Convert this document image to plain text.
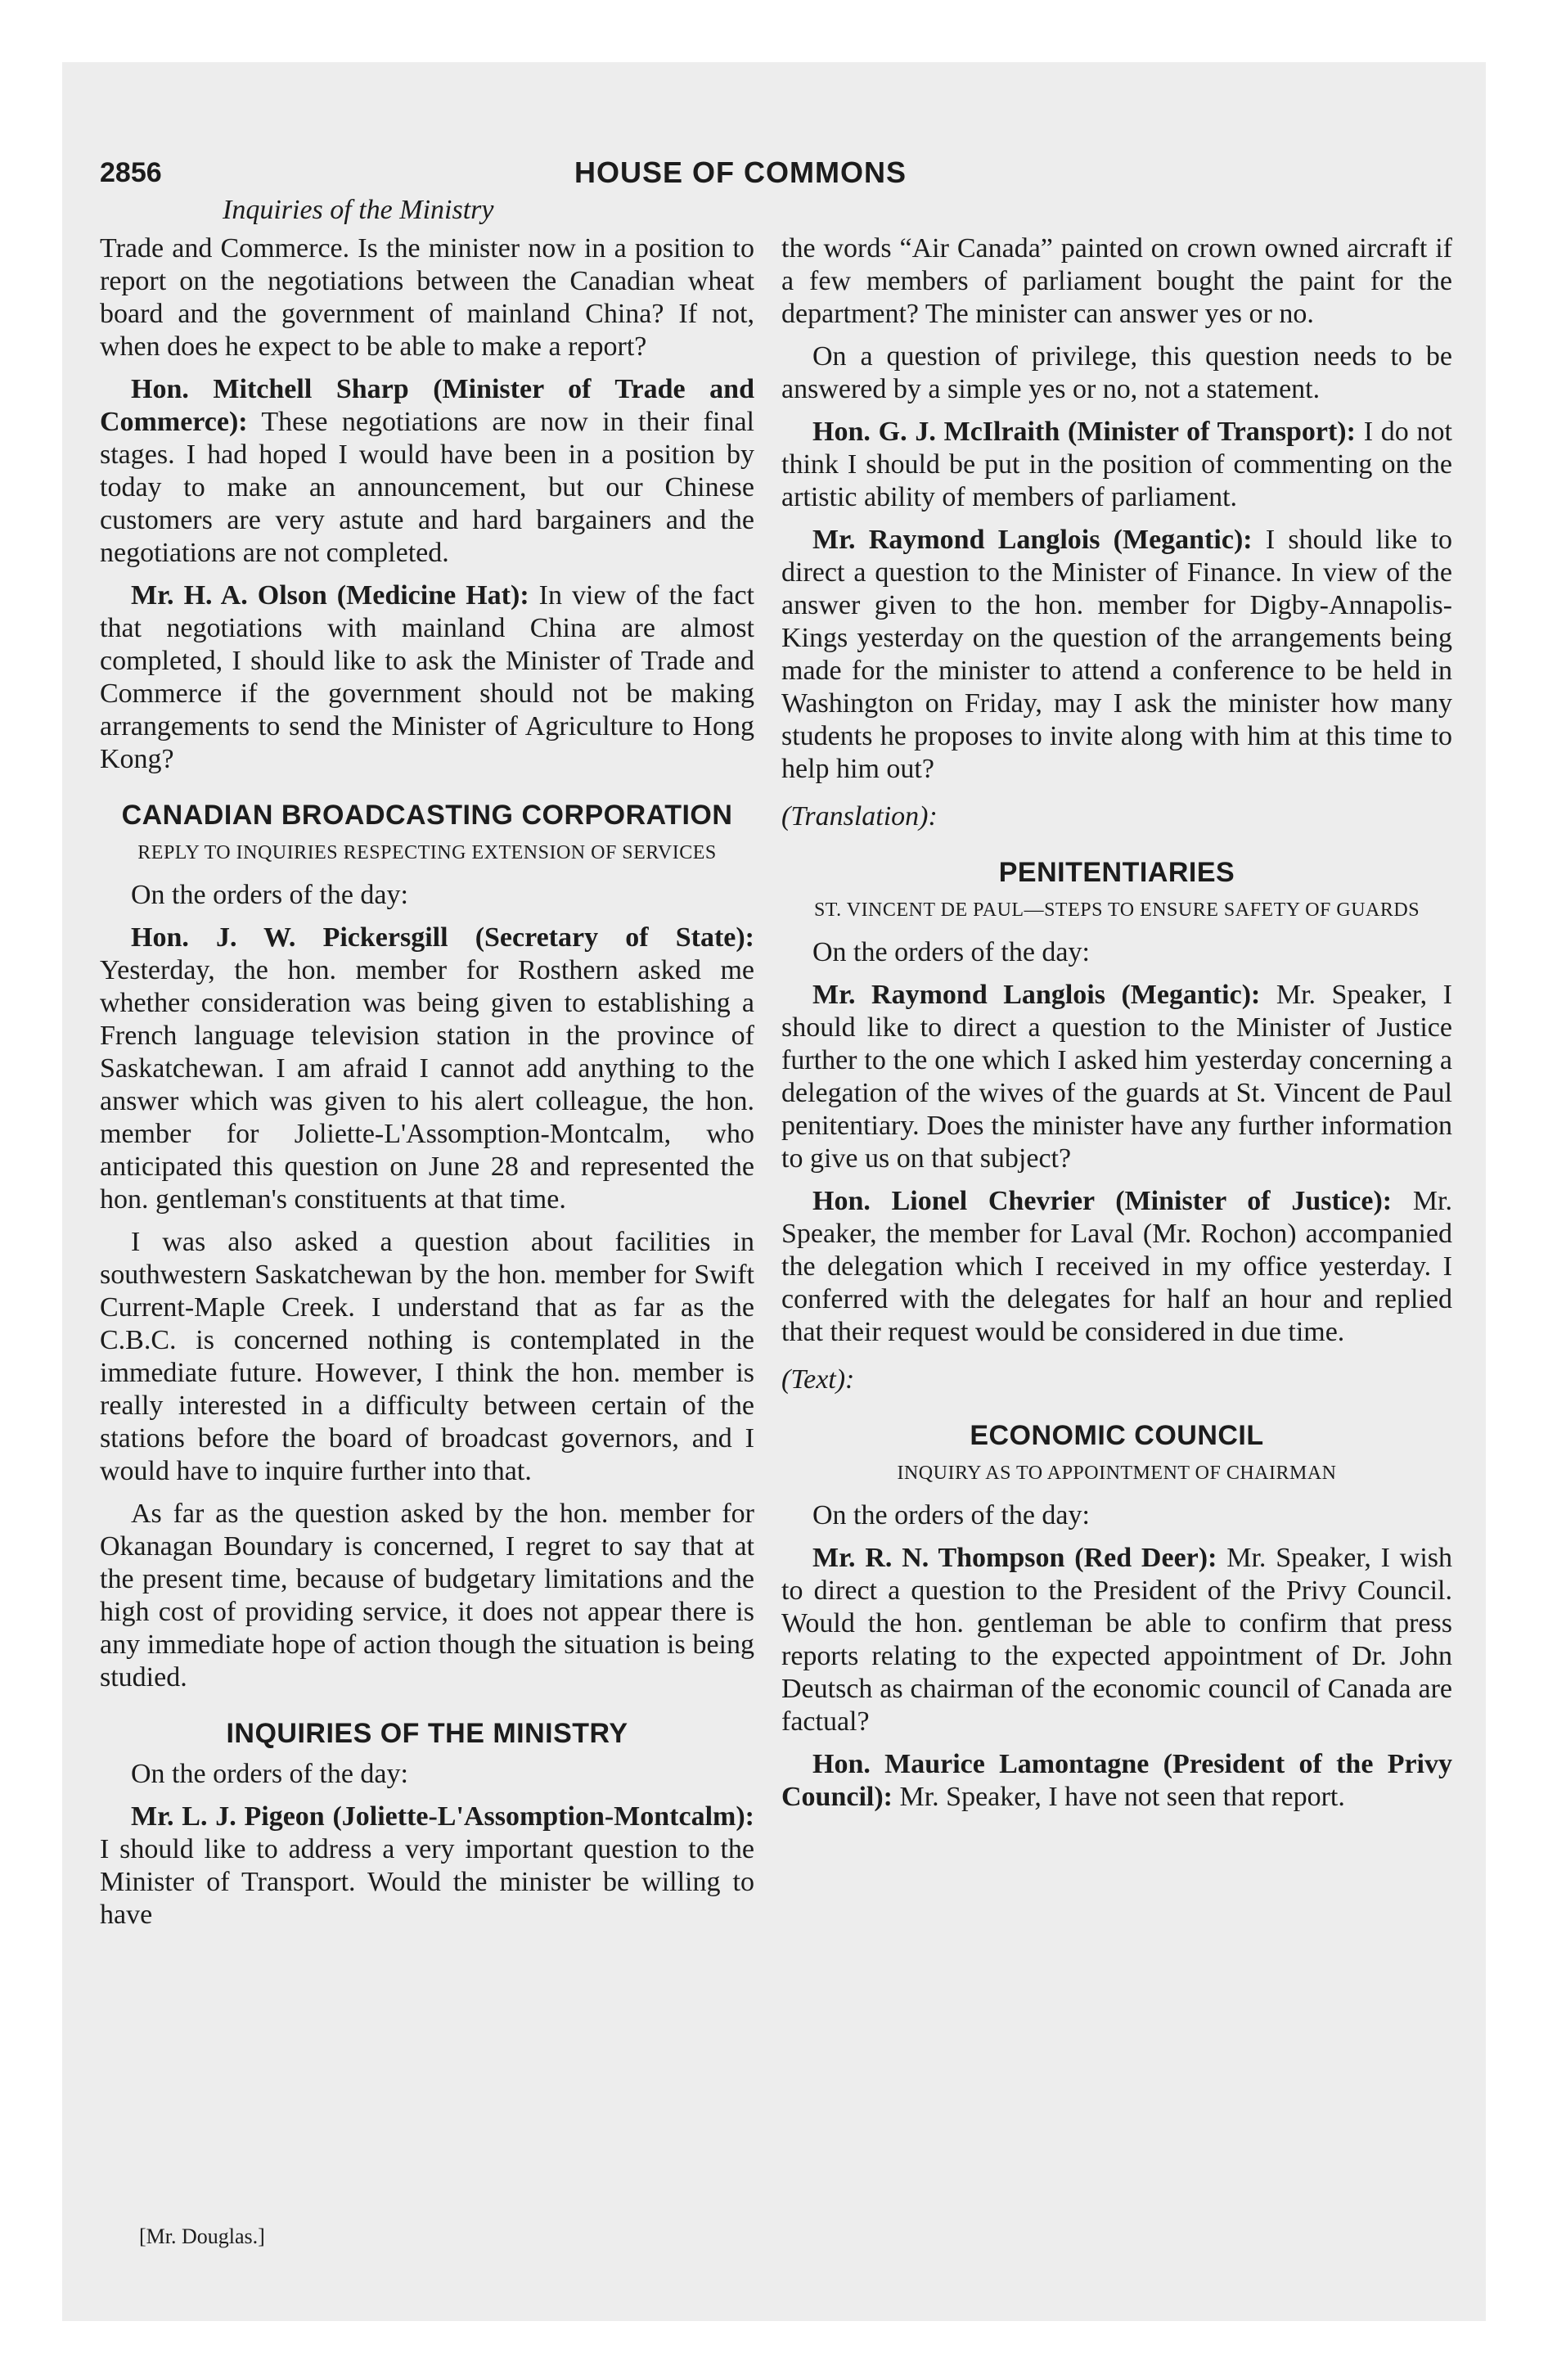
2856	HOUSE OF COMMONS
Inquiries of the Ministry

Trade and Commerce. Is the minister now in a position to report on the negotiations between the Canadian wheat board and the government of mainland China? If not, when does he expect to be able to make a report?

Hon. Mitchell Sharp (Minister of Trade and Commerce): These negotiations are now in their final stages. I had hoped I would have been in a position by today to make an announcement, but our Chinese customers are very astute and hard bargainers and the negotiations are not completed.

Mr. H. A. Olson (Medicine Hat): In view of the fact that negotiations with mainland China are almost completed, I should like to ask the Minister of Trade and Commerce if the government should not be making arrangements to send the Minister of Agriculture to Hong Kong?

CANADIAN BROADCASTING CORPORATION
REPLY TO INQUIRIES RESPECTING EXTENSION OF SERVICES
On the orders of the day:

Hon. J. W. Pickersgill (Secretary of State): Yesterday, the hon. member for Rosthern asked me whether consideration was being given to establishing a French language television station in the province of Saskatchewan. I am afraid I cannot add anything to the answer which was given to his alert colleague, the hon. member for Joliette-L'Assomption-Montcalm, who anticipated this question on June 28 and represented the hon. gentleman's constituents at that time.

I was also asked a question about facilities in southwestern Saskatchewan by the hon. member for Swift Current-Maple Creek. I understand that as far as the C.B.C. is concerned nothing is contemplated in the immediate future. However, I think the hon. member is really interested in a difficulty between certain of the stations before the board of broadcast governors, and I would have to inquire further into that.

As far as the question asked by the hon. member for Okanagan Boundary is concerned, I regret to say that at the present time, because of budgetary limitations and the high cost of providing service, it does not appear there is any immediate hope of action though the situation is being studied.

INQUIRIES OF THE MINISTRY
On the orders of the day:

Mr. L. J. Pigeon (Joliette-L'Assomption-Montcalm): I should like to address a very important question to the Minister of Transport. Would the minister be willing to have

[Mr. Douglas.]

the words “Air Canada” painted on crown owned aircraft if a few members of parliament bought the paint for the department? The minister can answer yes or no.

On a question of privilege, this question needs to be answered by a simple yes or no, not a statement.

Hon. G. J. McIlraith (Minister of Transport): I do not think I should be put in the position of commenting on the artistic ability of members of parliament.

Mr. Raymond Langlois (Megantic): I should like to direct a question to the Minister of Finance. In view of the answer given to the hon. member for Digby-Annapolis-Kings yesterday on the question of the arrangements being made for the minister to attend a conference to be held in Washington on Friday, may I ask the minister how many students he proposes to invite along with him at this time to help him out?

(Translation):
PENITENTIARIES
ST. VINCENT DE PAUL—STEPS TO ENSURE SAFETY OF GUARDS
On the orders of the day:

Mr. Raymond Langlois (Megantic): Mr. Speaker, I should like to direct a question to the Minister of Justice further to the one which I asked him yesterday concerning a delegation of the wives of the guards at St. Vincent de Paul penitentiary. Does the minister have any further information to give us on that subject?

Hon. Lionel Chevrier (Minister of Justice): Mr. Speaker, the member for Laval (Mr. Rochon) accompanied the delegation which I received in my office yesterday. I conferred with the delegates for half an hour and replied that their request would be considered in due time.

(Text):
ECONOMIC COUNCIL
INQUIRY AS TO APPOINTMENT OF CHAIRMAN
On the orders of the day:

Mr. R. N. Thompson (Red Deer): Mr. Speaker, I wish to direct a question to the President of the Privy Council. Would the hon. gentleman be able to confirm that press reports relating to the expected appointment of Dr. John Deutsch as chairman of the economic council of Canada are factual?

Hon. Maurice Lamontagne (President of the Privy Council): Mr. Speaker, I have not seen that report.
